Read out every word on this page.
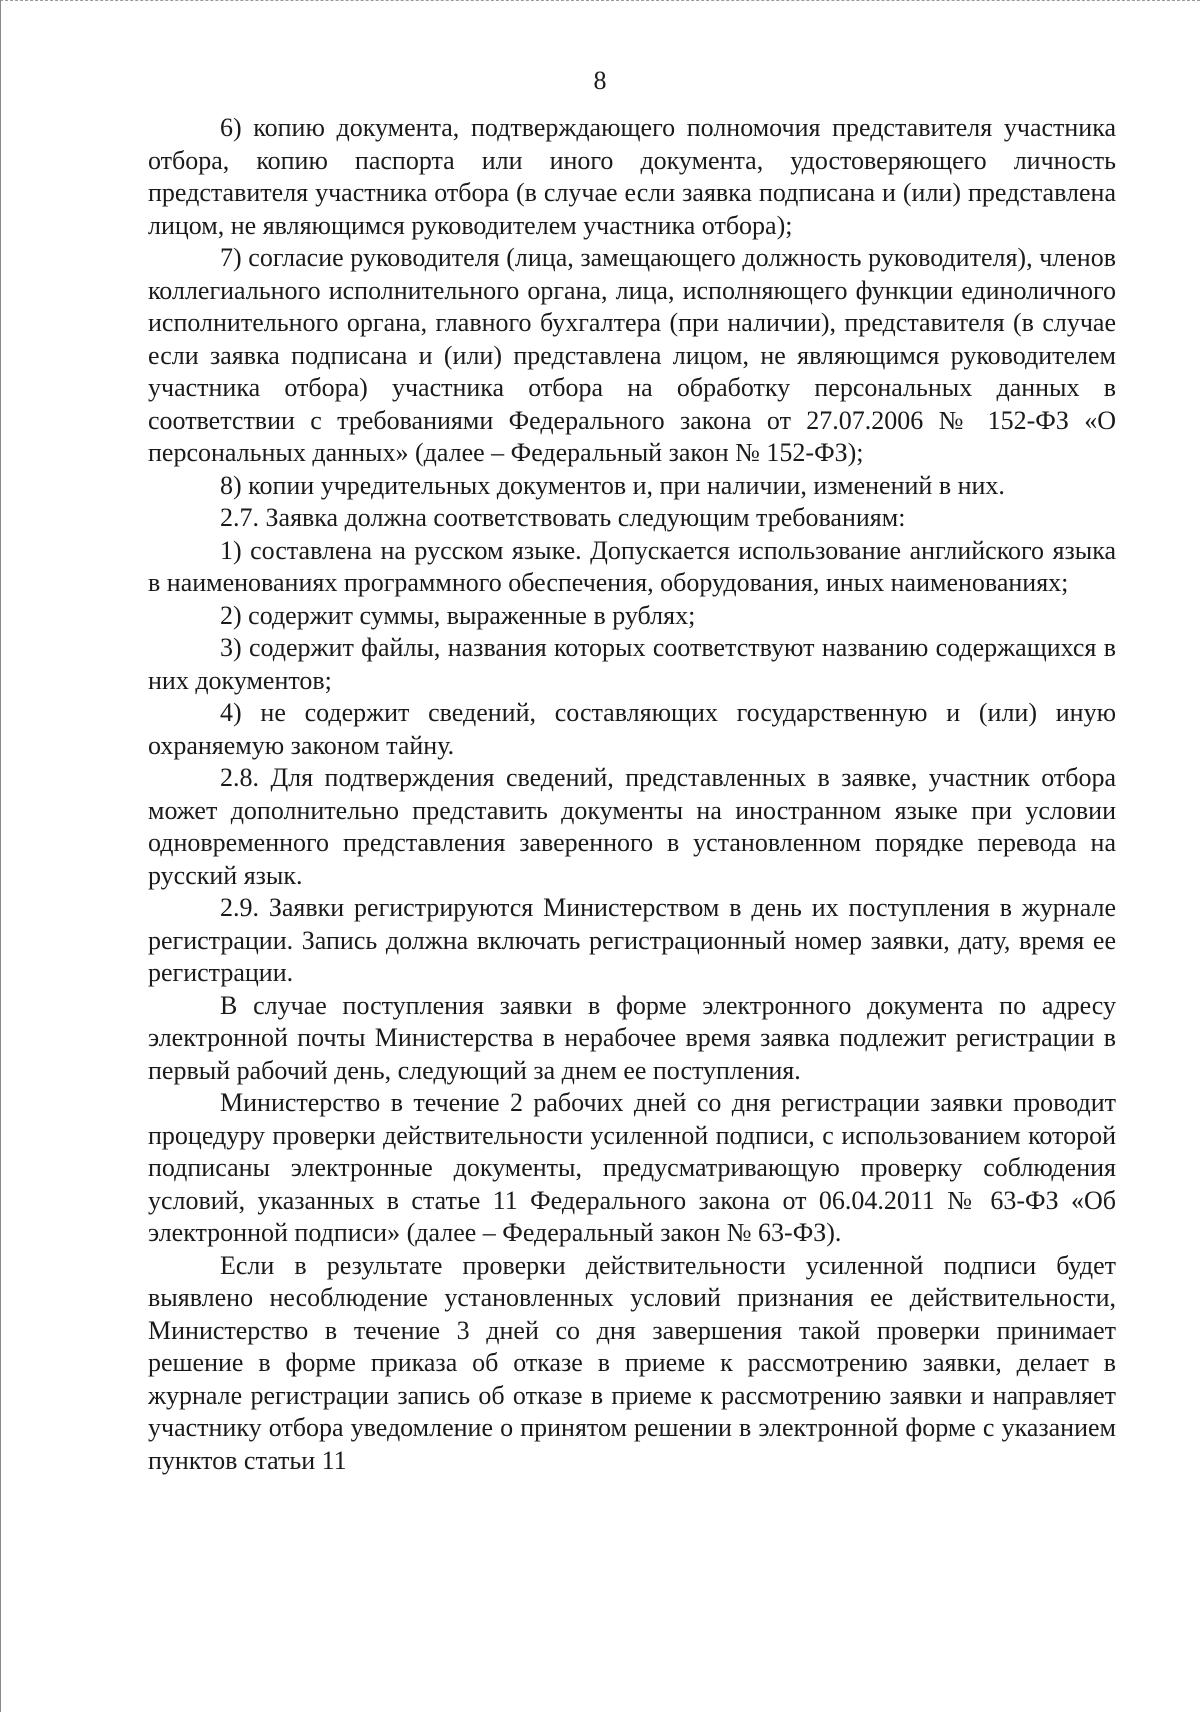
8

6) копию документа, подтверждающего полномочия представителя участника отбора, копию паспорта или иного документа, удостоверяющего личность представителя участника отбора (в случае если заявка подписана и (или) представлена лицом, не являющимся руководителем участника отбора);

7) согласие руководителя (лица, замещающего должность руководителя), членов коллегиального исполнительного органа, лица, исполняющего функции единоличного исполнительного органа, главного бухгалтера (при наличии), представителя (в случае если заявка подписана и (или) представлена лицом, не являющимся руководителем участника отбора) участника отбора на обработку персональных данных в соответствии с требованиями Федерального закона от 27.07.2006 № 152-ФЗ «О персональных данных» (далее – Федеральный закон № 152-ФЗ);

8) копии учредительных документов и, при наличии, изменений в них.

2.7. Заявка должна соответствовать следующим требованиям:

1) составлена на русском языке. Допускается использование английского языка в наименованиях программного обеспечения, оборудования, иных наименованиях;

2) содержит суммы, выраженные в рублях;

3) содержит файлы, названия которых соответствуют названию содержащихся в них документов;

4) не содержит сведений, составляющих государственную и (или) иную охраняемую законом тайну.

2.8. Для подтверждения сведений, представленных в заявке, участник отбора может дополнительно представить документы на иностранном языке при условии одновременного представления заверенного в установленном порядке перевода на русский язык.

2.9. Заявки регистрируются Министерством в день их поступления в журнале регистрации. Запись должна включать регистрационный номер заявки, дату, время ее регистрации.

В случае поступления заявки в форме электронного документа по адресу электронной почты Министерства в нерабочее время заявка подлежит регистрации в первый рабочий день, следующий за днем ее поступления.

Министерство в течение 2 рабочих дней со дня регистрации заявки проводит процедуру проверки действительности усиленной подписи, с использованием которой подписаны электронные документы, предусматривающую проверку соблюдения условий, указанных в статье 11 Федерального закона от 06.04.2011 № 63-ФЗ «Об электронной подписи» (далее – Федеральный закон № 63-ФЗ).

Если в результате проверки действительности усиленной подписи будет выявлено несоблюдение установленных условий признания ее действительности, Министерство в течение 3 дней со дня завершения такой проверки принимает решение в форме приказа об отказе в приеме к рассмотрению заявки, делает в журнале регистрации запись об отказе в приеме к рассмотрению заявки и направляет участнику отбора уведомление о принятом решении в электронной форме с указанием пунктов статьи 11
